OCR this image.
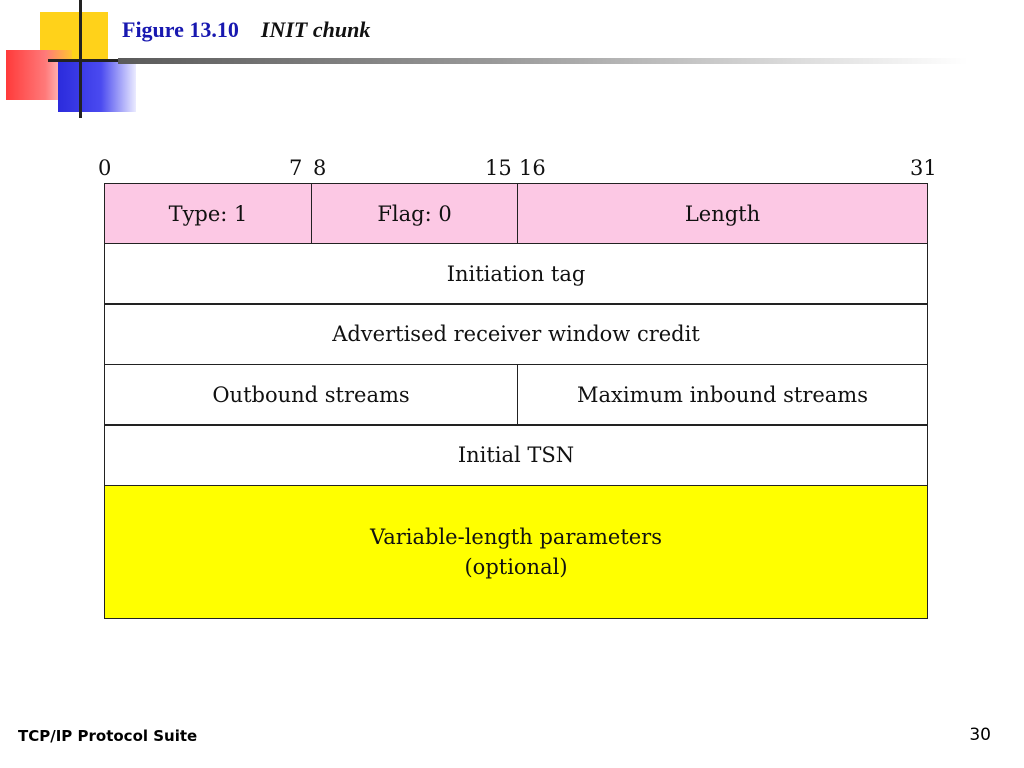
Figure 13.10 INIT chunk
0	7 8	15 16	31
Type: 1	Flag: 0	Length
Initiation tag
Advertised receiver window credit
Outbound streams	Maximum inbound streams
Initial TSN
Variable-length parameters
(optional)
TCP/IP Protocol Suite	30
